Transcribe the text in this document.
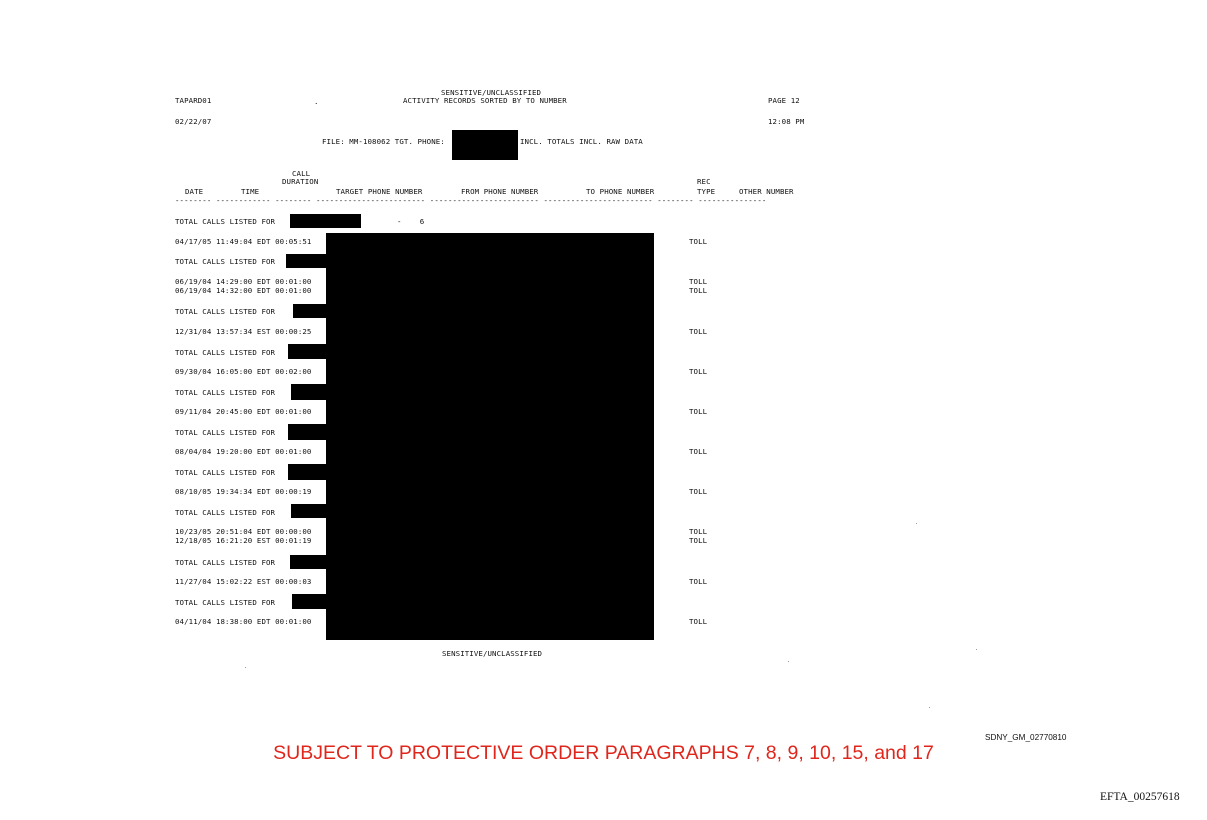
SENSITIVE/UNCLASSIFIED
TAPARD01	.	ACTIVITY RECORDS SORTED BY TO NUMBER	PAGE 12
02/22/07	12:08 PM
FILE: MM-108062 TGT. PHONE:	INCL. TOTALS INCL. RAW DATA
CALL
DURATION	REC
DATE	TIME	TARGET PHONE NUMBER	FROM PHONE NUMBER	TO PHONE NUMBER	TYPE	OTHER NUMBER
-------- ------------ -------- ------------------------ ------------------------ ------------------------ -------- ---------------
TOTAL CALLS LISTED FOR	-    6
04/17/05 11:49:04 EDT 00:05:51	TOLL
TOTAL CALLS LISTED FOR
06/19/04 14:29:00 EDT 00:01:00	TOLL
06/19/04 14:32:00 EDT 00:01:00	TOLL
TOTAL CALLS LISTED FOR
12/31/04 13:57:34 EST 00:00:25	TOLL
TOTAL CALLS LISTED FOR
09/30/04 16:05:00 EDT 00:02:00	TOLL
TOTAL CALLS LISTED FOR
09/11/04 20:45:00 EDT 00:01:00	TOLL
TOTAL CALLS LISTED FOR
08/04/04 19:20:00 EDT 00:01:00	TOLL
TOTAL CALLS LISTED FOR
08/10/05 19:34:34 EDT 00:00:19	TOLL
TOTAL CALLS LISTED FOR
10/23/05 20:51:04 EDT 00:00:00	TOLL
12/18/05 16:21:20 EST 00:01:19	TOLL
TOTAL CALLS LISTED FOR
11/27/04 15:02:22 EST 00:00:03	TOLL
TOTAL CALLS LISTED FOR
04/11/04 18:38:00 EDT 00:01:00	TOLL
SENSITIVE/UNCLASSIFIED
SDNY_GM_02770810
SUBJECT TO PROTECTIVE ORDER PARAGRAPHS 7, 8, 9, 10, 15, and 17
EFTA_00257618
